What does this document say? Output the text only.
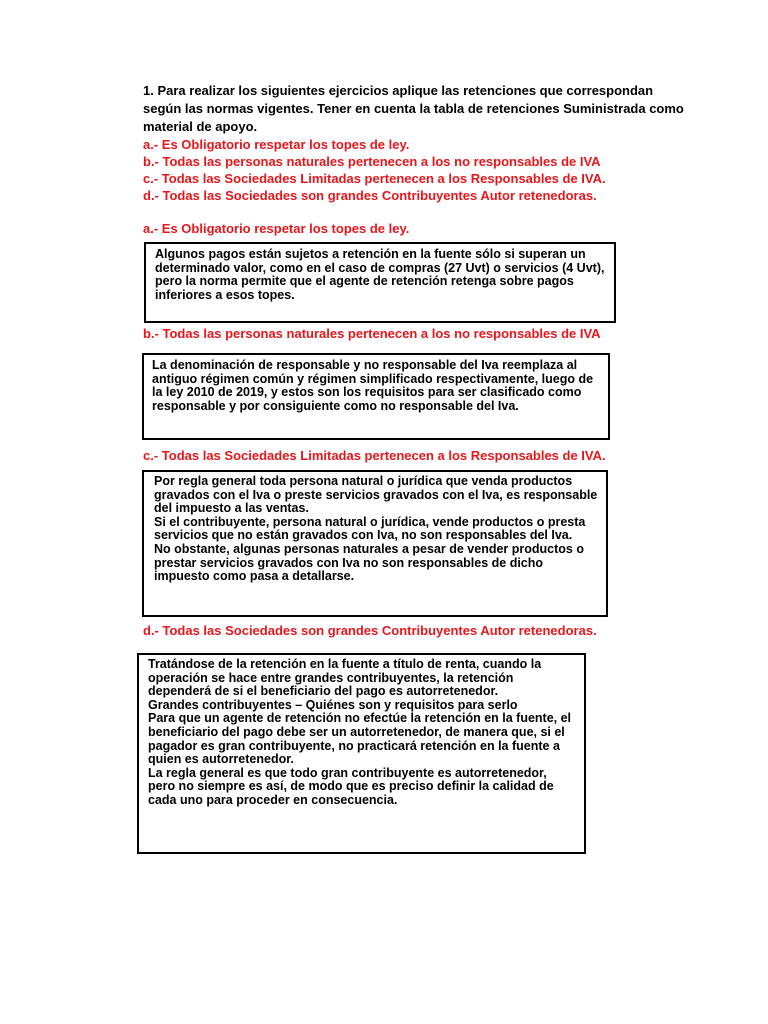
1. Para realizar los siguientes ejercicios aplique las retenciones que correspondan según las normas vigentes. Tener en cuenta la tabla de retenciones Suministrada como material de apoyo.

a.- Es Obligatorio respetar los topes de ley.
b.- Todas las personas naturales pertenecen a los no responsables de IVA
c.- Todas las Sociedades Limitadas pertenecen a los Responsables de IVA.
d.- Todas las Sociedades son grandes Contribuyentes Autor retenedoras.

a.- Es Obligatorio respetar los topes de ley.

Algunos pagos están sujetos a retención en la fuente sólo si superan un determinado valor, como en el caso de compras (27 Uvt) o servicios (4 Uvt), pero la norma permite que el agente de retención retenga sobre pagos inferiores a esos topes.

b.- Todas las personas naturales pertenecen a los no responsables de IVA

La denominación de responsable y no responsable del Iva reemplaza al antiguo régimen común y régimen simplificado respectivamente, luego de la ley 2010 de 2019, y estos son los requisitos para ser clasificado como responsable y por consiguiente como no responsable del Iva.

c.- Todas las Sociedades Limitadas pertenecen a los Responsables de IVA.

Por regla general toda persona natural o jurídica que venda productos gravados con el Iva o preste servicios gravados con el Iva, es responsable del impuesto a las ventas.

Si el contribuyente, persona natural o jurídica, vende productos o presta servicios que no están gravados con Iva, no son responsables del Iva.

No obstante, algunas personas naturales a pesar de vender productos o prestar servicios gravados con Iva no son responsables de dicho impuesto como pasa a detallarse.

d.- Todas las Sociedades son grandes Contribuyentes Autor retenedoras.

Tratándose de la retención en la fuente a título de renta, cuando la operación se hace entre grandes contribuyentes, la retención dependerá de si el beneficiario del pago es autorretenedor.

Grandes contribuyentes – Quiénes son y requisitos para serlo

Para que un agente de retención no efectúe la retención en la fuente, el beneficiario del pago debe ser un autorretenedor, de manera que, si el pagador es gran contribuyente, no practicará retención en la fuente a quien es autorretenedor.

La regla general es que todo gran contribuyente es autorretenedor, pero no siempre es así, de modo que es preciso definir la calidad de cada uno para proceder en consecuencia.
